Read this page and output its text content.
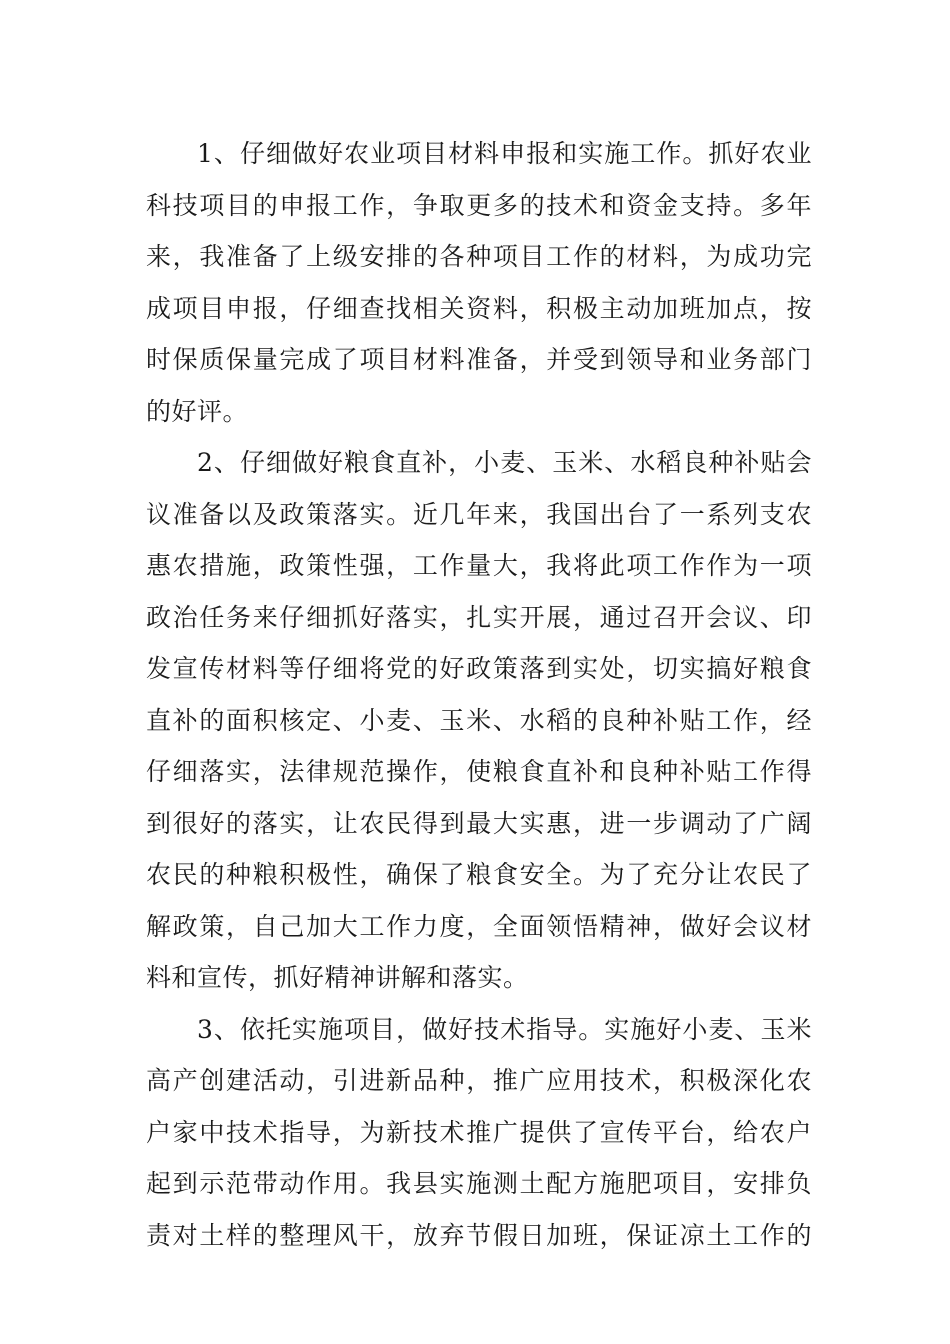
1、仔细做好农业项目材料申报和实施工作。抓好农业
科技项目的申报工作，争取更多的技术和资金支持。多年
来，我准备了上级安排的各种项目工作的材料，为成功完
成项目申报，仔细查找相关资料，积极主动加班加点，按
时保质保量完成了项目材料准备，并受到领导和业务部门
的好评。
2、仔细做好粮食直补，小麦、玉米、水稻良种补贴会
议准备以及政策落实。近几年来，我国出台了一系列支农
惠农措施，政策性强，工作量大，我将此项工作作为一项
政治任务来仔细抓好落实，扎实开展，通过召开会议、印
发宣传材料等仔细将党的好政策落到实处，切实搞好粮食
直补的面积核定、小麦、玉米、水稻的良种补贴工作，经
仔细落实，法律规范操作，使粮食直补和良种补贴工作得
到很好的落实，让农民得到最大实惠，进一步调动了广阔
农民的种粮积极性，确保了粮食安全。为了充分让农民了
解政策，自己加大工作力度，全面领悟精神，做好会议材
料和宣传，抓好精神讲解和落实。
3、依托实施项目，做好技术指导。实施好小麦、玉米
高产创建活动，引进新品种，推广应用技术，积极深化农
户家中技术指导，为新技术推广提供了宣传平台，给农户
起到示范带动作用。我县实施测土配方施肥项目，安排负
责对土样的整理风干，放弃节假日加班，保证凉土工作的
